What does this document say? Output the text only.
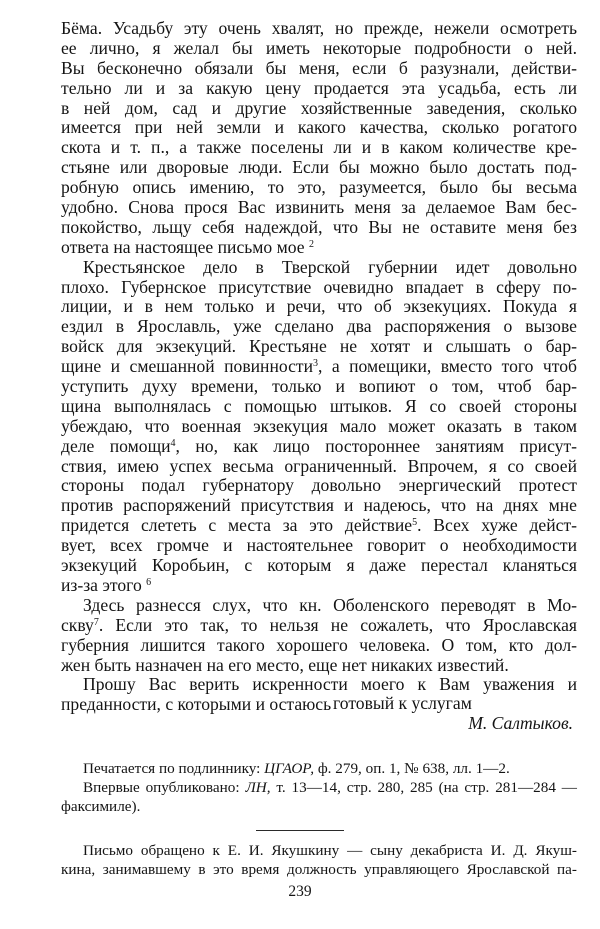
Бёма. Усадьбу эту очень хвалят, но прежде, нежели осмотреть
ее лично, я желал бы иметь некоторые подробности о ней.
Вы бесконечно обязали бы меня, если б разузнали, действи-
тельно ли и за какую цену продается эта усадьба, есть ли
в ней дом, сад и другие хозяйственные заведения, сколько
имеется при ней земли и какого качества, сколько рогатого
скота и т. п., а также поселены ли и в каком количестве кре-
стьяне или дворовые люди. Если бы можно было достать под-
робную опись имению, то это, разумеется, было бы весьма
удобно. Снова прося Вас извинить меня за делаемое Вам бес-
покойство, льщу себя надеждой, что Вы не оставите меня без
ответа на настоящее письмо мое $^2$
Крестьянское дело в Тверской губернии идет довольно
плохо. Губернское присутствие очевидно впадает в сферу по-
лиции, и в нем только и речи, что об экзекуциях. Покуда я
ездил в Ярославль, уже сделано два распоряжения о вызове
войск для экзекуций. Крестьяне не хотят и слышать о бар-
щине и смешанной повинности$^3$, а помещики, вместо того чтоб
уступить духу времени, только и вопиют о том, чтоб бар-
щина выполнялась с помощью штыков. Я со своей стороны
убеждаю, что военная экзекуция мало может оказать в таком
деле помощи$^4$, но, как лицо постороннее занятиям присут-
ствия, имею успех весьма ограниченный. Впрочем, я со своей
стороны подал губернатору довольно энергический протест
против распоряжений присутствия и надеюсь, что на днях мне
придется слететь с места за это действие$^5$. Всех хуже дейст-
вует, всех громче и настоятельнее говорит о необходимости
экзекуций Коробьин, с которым я даже перестал кланяться
из-за этого $^6$
Здесь разнесся слух, что кн. Оболенского переводят в Мо-
скву$^7$. Если это так, то нельзя не сожалеть, что Ярославская
губерния лишится такого хорошего человека. О том, кто дол-
жен быть назначен на его место, еще нет никаких известий.
Прошу Вас верить искренности моего к Вам уважения и
преданности, с которыми и остаюсь готовый к услугам
М. Салтыков.
Печатается по подлиннику: ЦГАОР, ф. 279, оп. 1, № 638, лл. 1—2.
Впервые опубликовано: ЛН, т. 13—14, стр. 280, 285 (на стр. 281—284 —
факсимиле).
Письмо обращено к Е. И. Якушкину — сыну декабриста И. Д. Якуш-
кина, занимавшему в это время должность управляющего Ярославской па-
239
